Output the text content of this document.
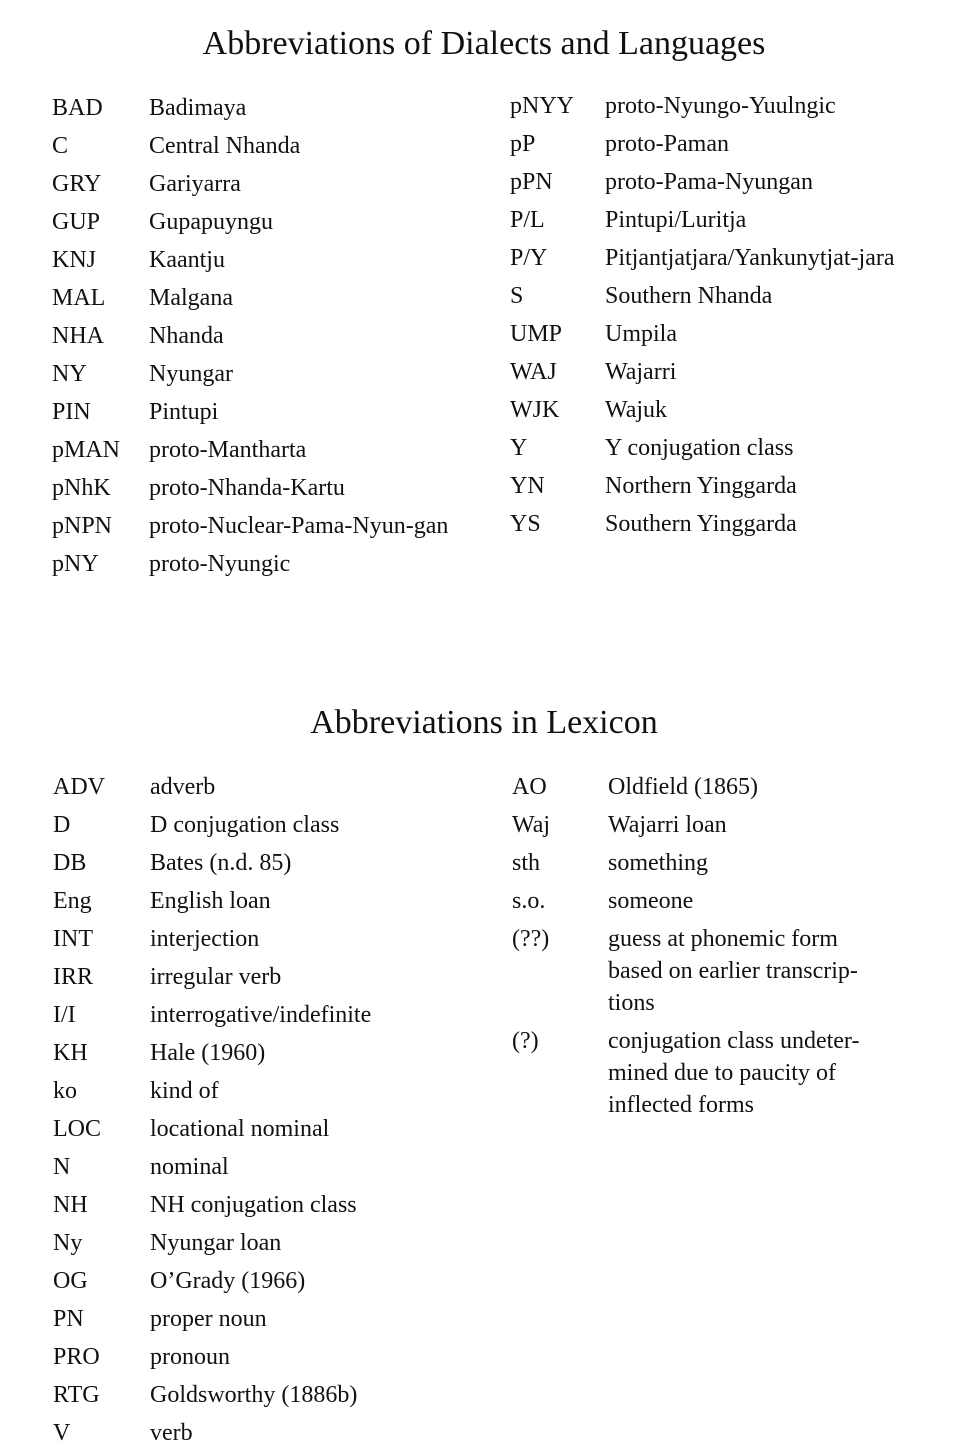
Abbreviations of Dialects and Languages
BAD	Badimaya
C	Central Nhanda
GRY	Gariyarra
GUP	Gupapuyngu
KNJ	Kaantju
MAL	Malgana
NHA	Nhanda
NY	Nyungar
PIN	Pintupi
pMAN	proto-Mantharta
pNhK	proto-Nhanda-Kartu
pNPN	proto-Nuclear-Pama-Nyun-gan
pNY	proto-Nyungic
pNYY	proto-Nyungo-Yuulngic
pP	proto-Paman
pPN	proto-Pama-Nyungan
P/L	Pintupi/Luritja
P/Y	Pitjantjatjara/Yankunytjat-jara
S	Southern Nhanda
UMP	Umpila
WAJ	Wajarri
WJK	Wajuk
Y	Y conjugation class
YN	Northern Yinggarda
YS	Southern Yinggarda
Abbreviations in Lexicon
ADV	adverb
D	D conjugation class
DB	Bates (n.d. 85)
Eng	English loan
INT	interjection
IRR	irregular verb
I/I	interrogative/indefinite
KH	Hale (1960)
ko	kind of
LOC	locational nominal
N	nominal
NH	NH conjugation class
Ny	Nyungar loan
OG	O’Grady (1966)
PN	proper noun
PRO	pronoun
RTG	Goldsworthy (1886b)
V	verb
AO	Oldfield (1865)
Waj	Wajarri loan
sth	something
s.o.	someone
(??)	guess at phonemic form based on earlier transcrip-tions
(?)	conjugation class undeter-mined due to paucity of inflected forms
